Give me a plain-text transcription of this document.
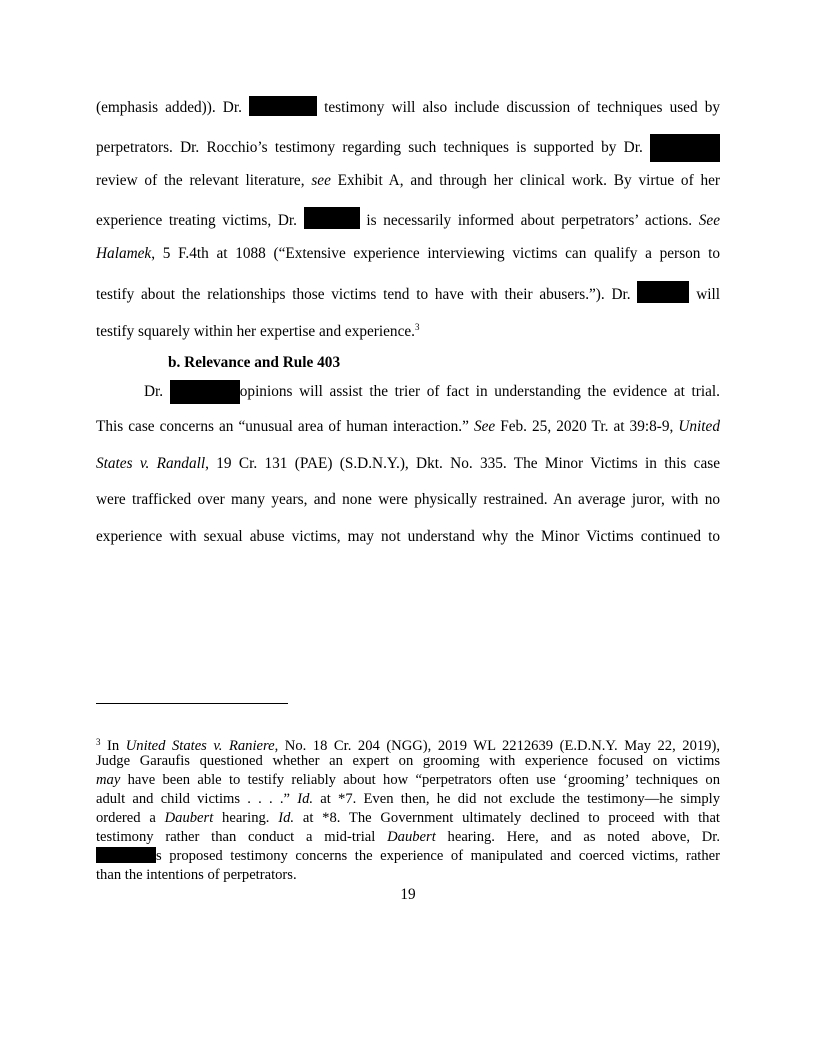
(emphasis added)). Dr.	testimony will also include discussion of techniques used by
perpetrators. Dr. Rocchio’s testimony regarding such techniques is supported by Dr.
review of the relevant literature, see Exhibit A, and through her clinical work. By virtue of her
experience treating victims, Dr.	is necessarily informed about perpetrators’ actions. See
Halamek, 5 F.4th at 1088 (“Extensive experience interviewing victims can qualify a person to
testify about the relationships those victims tend to have with their abusers.”). Dr.	will
testify squarely within her expertise and experience.$^3$
b. Relevance and Rule 403
Dr.	opinions will assist the trier of fact in understanding the evidence at trial.
This case concerns an “unusual area of human interaction.” See Feb. 25, 2020 Tr. at 39:8-9, United
States v. Randall, 19 Cr. 131 (PAE) (S.D.N.Y.), Dkt. No. 335. The Minor Victims in this case
were trafficked over many years, and none were physically restrained. An average juror, with no
experience with sexual abuse victims, may not understand why the Minor Victims continued to
$^3$ In United States v. Raniere, No. 18 Cr. 204 (NGG), 2019 WL 2212639 (E.D.N.Y. May 22, 2019),
Judge Garaufis questioned whether an expert on grooming with experience focused on victims
may have been able to testify reliably about how “perpetrators often use ‘grooming’ techniques on
adult and child victims . . . .” Id. at *7. Even then, he did not exclude the testimony—he simply
ordered a Daubert hearing. Id. at *8. The Government ultimately declined to proceed with that
testimony rather than conduct a mid-trial Daubert hearing. Here, and as noted above, Dr.
s proposed testimony concerns the experience of manipulated and coerced victims, rather
than the intentions of perpetrators.
19
